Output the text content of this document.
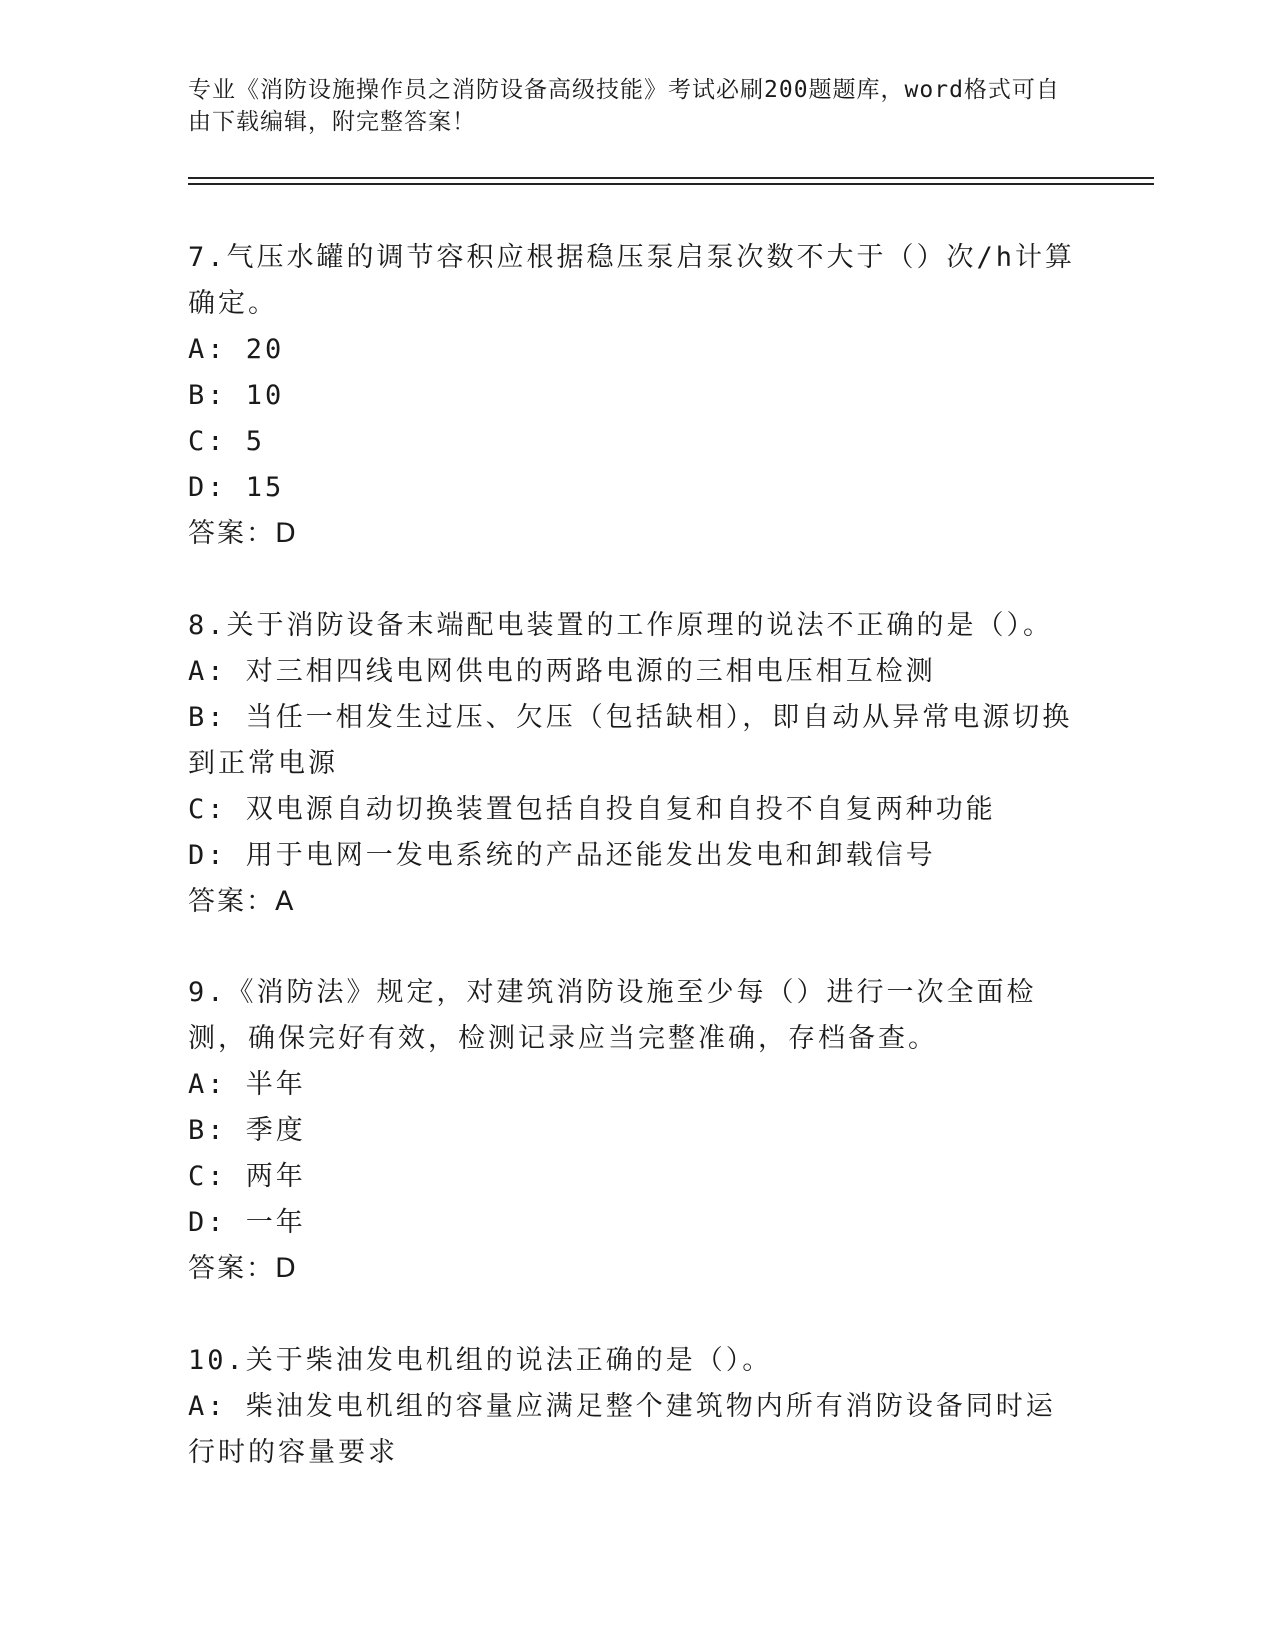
专业《消防设施操作员之消防设备高级技能》考试必刷200题题库，word格式可自由下载编辑，附完整答案！

7.气压水罐的调节容积应根据稳压泵启泵次数不大于（）次/h计算确定。

A: 20

B: 10

C: 5

D: 15

答案：D

8.关于消防设备末端配电装置的工作原理的说法不正确的是（）。

A: 对三相四线电网供电的两路电源的三相电压相互检测

B: 当任一相发生过压、欠压（包括缺相），即自动从异常电源切换到正常电源

C: 双电源自动切换装置包括自投自复和自投不自复两种功能

D: 用于电网一发电系统的产品还能发出发电和卸载信号

答案：A

9.《消防法》规定，对建筑消防设施至少每（）进行一次全面检测，确保完好有效，检测记录应当完整准确，存档备查。

A: 半年

B: 季度

C: 两年

D: 一年

答案：D

10.关于柴油发电机组的说法正确的是（）。

A: 柴油发电机组的容量应满足整个建筑物内所有消防设备同时运行时的容量要求
